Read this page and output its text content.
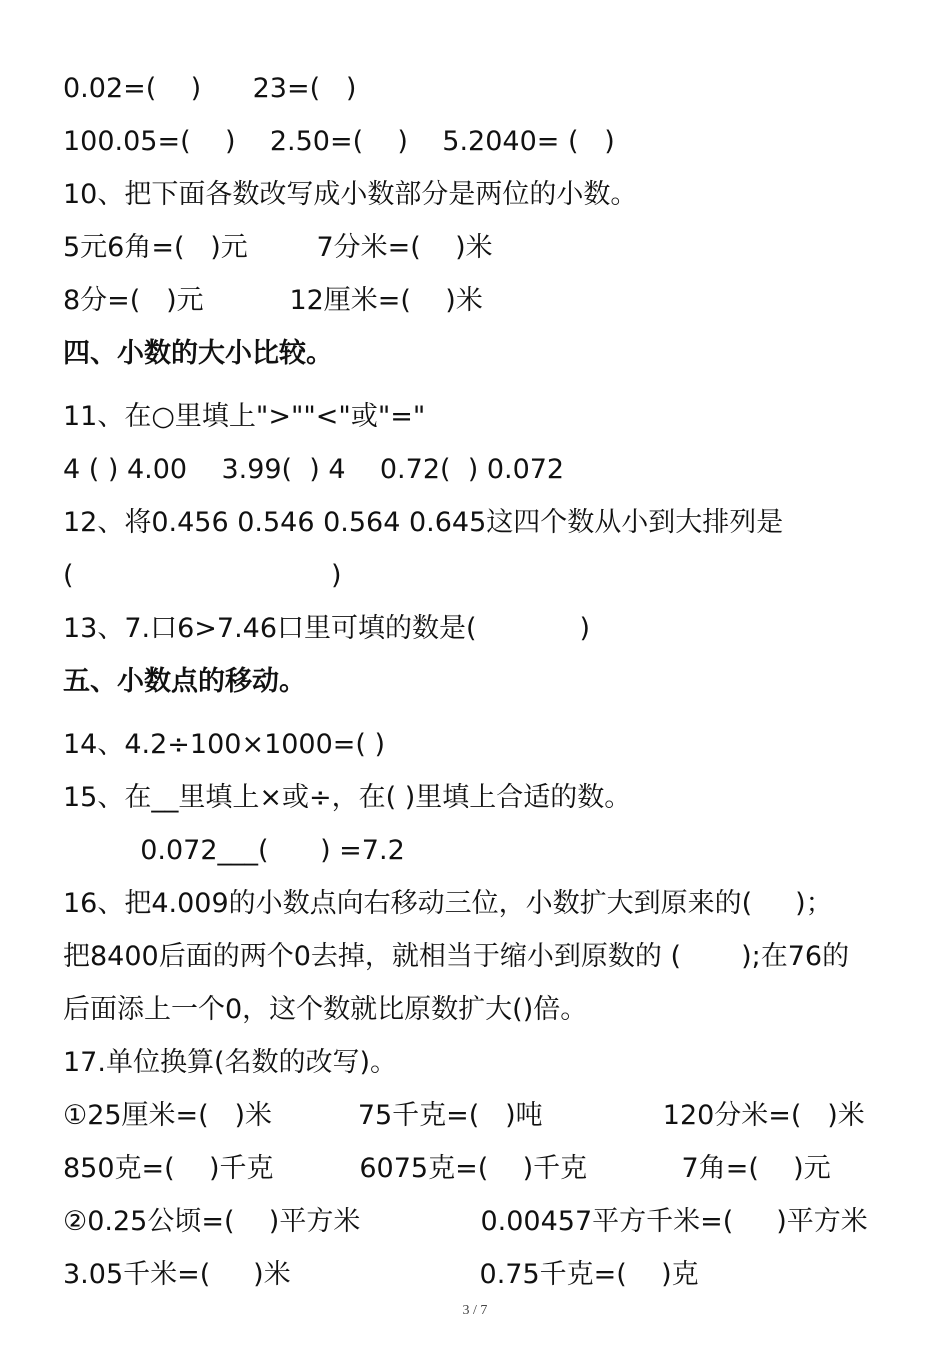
0.02=(    )      23=(   )
100.05=(    )    2.50=(    )    5.2040= (   )
10、把下面各数改写成小数部分是两位的小数。
5元6角=(   )元        7分米=(    )米
8分=(   )元          12厘米=(    )米
四、小数的大小比较。
11、在○里填上">""<"或"="
4 ( ) 4.00    3.99(  ) 4    0.72(  ) 0.072
12、将0.456 0.546 0.564 0.645这四个数从小到大排列是
(                              )
13、7.口6>7.46口里可填的数是(            )
五、小数点的移动。
14、4.2÷100×1000=( )
15、在__里填上×或÷，在( )里填上合适的数。
0.072___(      ) =7.2
16、把4.009的小数点向右移动三位，小数扩大到原来的(     )；
把8400后面的两个0去掉，就相当于缩小到原数的 (       );在76的
后面添上一个0，这个数就比原数扩大()倍。
17.单位换算(名数的改写)。
①25厘米=(   )米          75千克=(   )吨              120分米=(   )米
850克=(    )千克          6075克=(    )千克           7角=(    )元
②0.25公顷=(    )平方米              0.00457平方千米=(     )平方米
3.05千米=(     )米                      0.75千克=(    )克
3 / 7
